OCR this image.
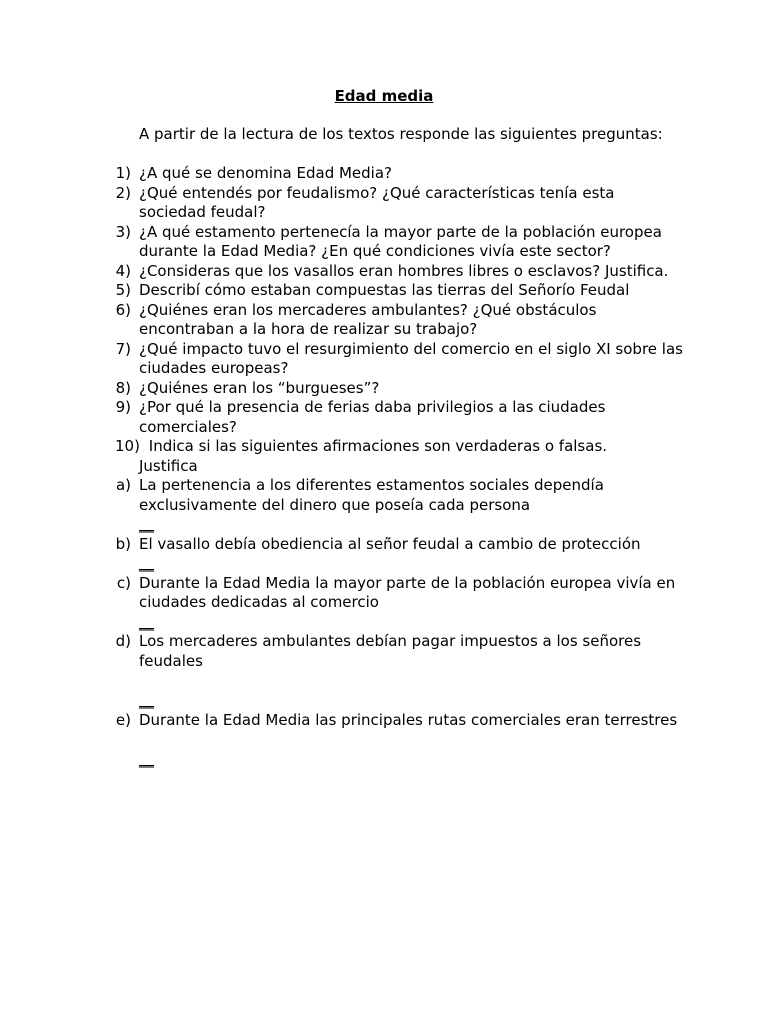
Edad media
A partir de la lectura de los textos responde las siguientes preguntas:
1) ¿A qué se denomina Edad Media?
2) ¿Qué entendés por feudalismo? ¿Qué características tenía esta sociedad feudal?
3) ¿A qué estamento pertenecía la mayor parte de la población europea durante la Edad Media? ¿En qué condiciones vivía este sector?
4) ¿Consideras que los vasallos eran hombres libres o esclavos? Justifica.
5) Describí cómo estaban compuestas las tierras del Señorío Feudal
6) ¿Quiénes eran los mercaderes ambulantes? ¿Qué obstáculos encontraban a la hora de realizar su trabajo?
7) ¿Qué impacto tuvo el resurgimiento del comercio en el siglo XI sobre las ciudades europeas?
8) ¿Quiénes eran los “burgueses”?
9) ¿Por qué la presencia de ferias daba privilegios a las ciudades comerciales?
10) Indica si las siguientes afirmaciones son verdaderas o falsas.
Justifica
a) La pertenencia a los diferentes estamentos sociales dependía exclusivamente del dinero que poseía cada persona
__
b) El vasallo debía obediencia al señor feudal a cambio de protección
__
c) Durante la Edad Media la mayor parte de la población europea vivía en ciudades dedicadas al comercio
__
d) Los mercaderes ambulantes debían pagar impuestos a los señores feudales
__
e) Durante la Edad Media las principales rutas comerciales eran terrestres
__
